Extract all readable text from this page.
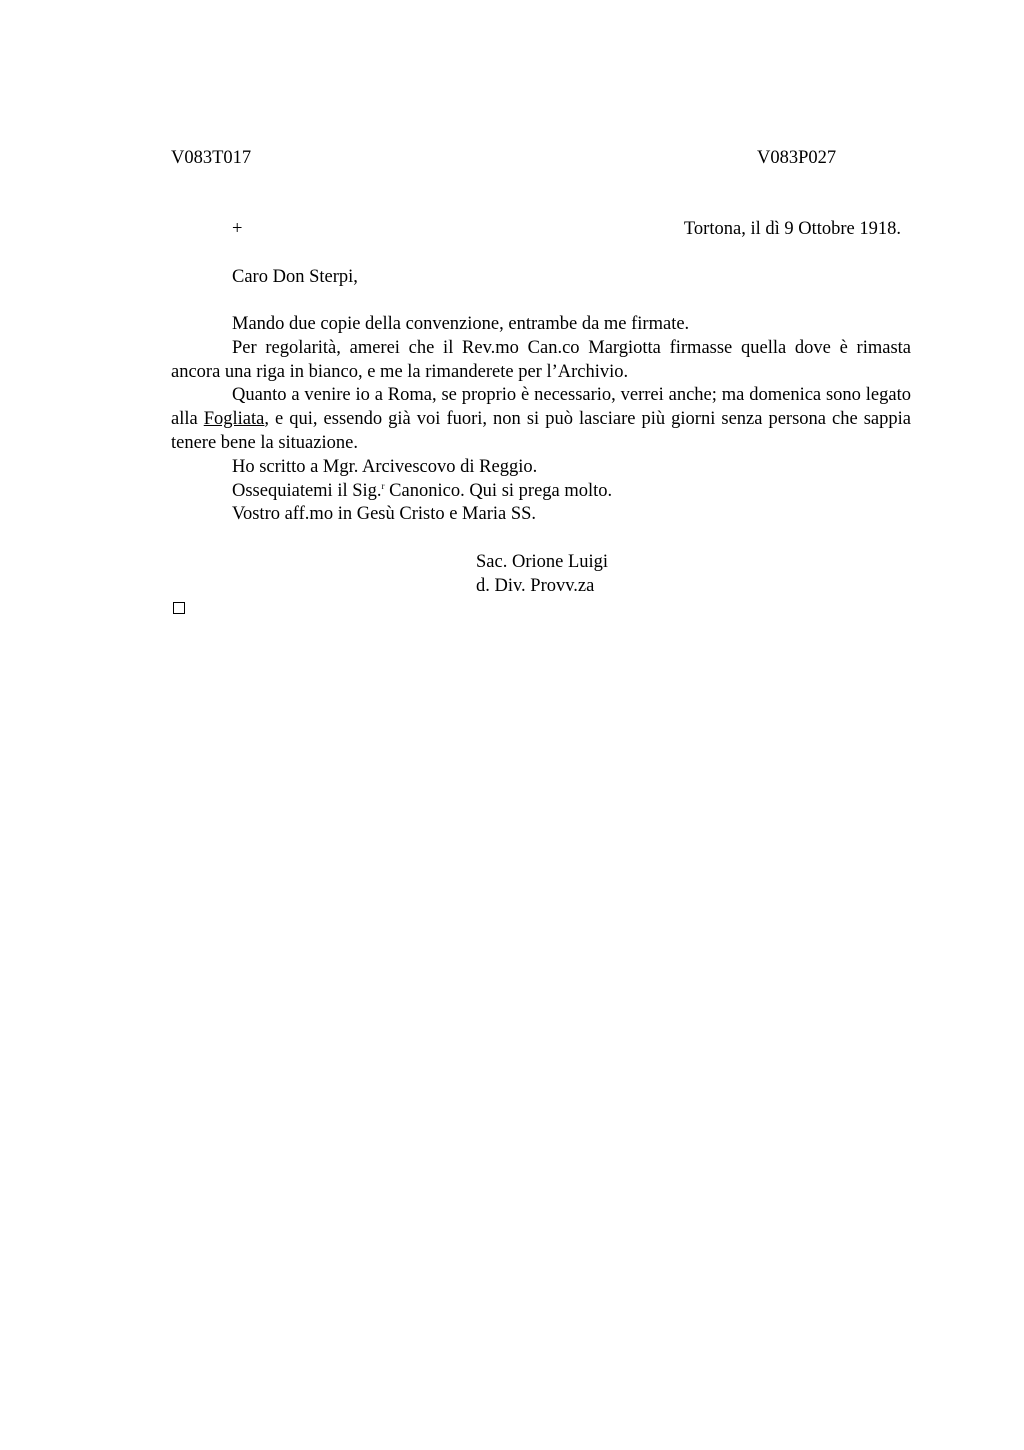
V083T017	V083P027
+	Tortona, il dì 9 Ottobre 1918.
Caro Don Sterpi,

Mando due copie della convenzione, entrambe da me firmate.

Per regolarità, amerei che il Rev.mo Can.co Margiotta firmasse quella dove è rimasta ancora una riga in bianco, e me la rimanderete per l’Archivio.

Quanto a venire io a Roma, se proprio è necessario, verrei anche; ma domenica sono legato alla Fogliata, e qui, essendo già voi fuori, non si può lasciare più giorni senza persona che sappia tenere bene la situazione.

Ho scritto a Mgr. Arcivescovo di Reggio.

Ossequiatemi il Sig.$^r$ Canonico. Qui si prega molto.

Vostro aff.mo in Gesù Cristo e Maria SS.

Sac. Orione Luigi
d. Div. Provv.za
